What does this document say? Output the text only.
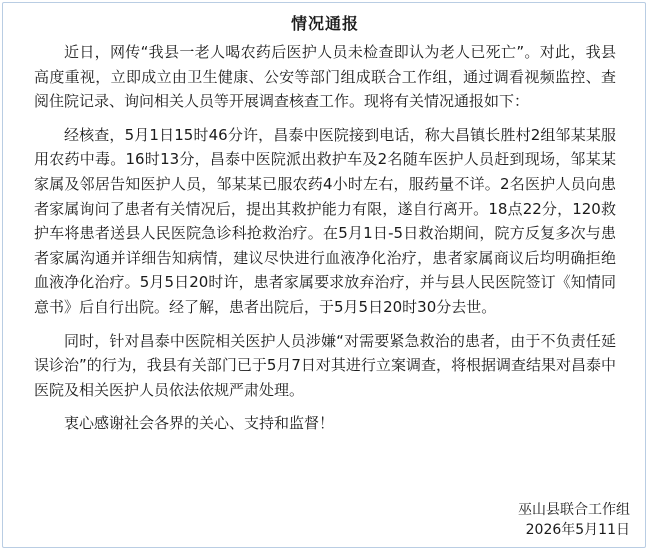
情况通报

近日，网传“我县一老人喝农药后医护人员未检查即认为老人已死亡”。对此，我县高度重视，立即成立由卫生健康、公安等部门组成联合工作组，通过调看视频监控、查阅住院记录、询问相关人员等开展调查核查工作。现将有关情况通报如下：

经核查，5月1日15时46分许，昌泰中医院接到电话，称大昌镇长胜村2组邹某某服用农药中毒。16时13分，昌泰中医院派出救护车及2名随车医护人员赶到现场，邹某某家属及邻居告知医护人员，邹某某已服农药4小时左右，服药量不详。2名医护人员向患者家属询问了患者有关情况后，提出其救护能力有限，遂自行离开。18点22分，120救护车将患者送县人民医院急诊科抢救治疗。在5月1日-5日救治期间，院方反复多次与患者家属沟通并详细告知病情，建议尽快进行血液净化治疗，患者家属商议后均明确拒绝血液净化治疗。5月5日20时许，患者家属要求放弃治疗，并与县人民医院签订《知情同意书》后自行出院。经了解，患者出院后，于5月5日20时30分去世。

同时，针对昌泰中医院相关医护人员涉嫌“对需要紧急救治的患者，由于不负责任延误诊治”的行为，我县有关部门已于5月7日对其进行立案调查，将根据调查结果对昌泰中医院及相关医护人员依法依规严肃处理。

衷心感谢社会各界的关心、支持和监督！

巫山县联合工作组
2026年5月11日
